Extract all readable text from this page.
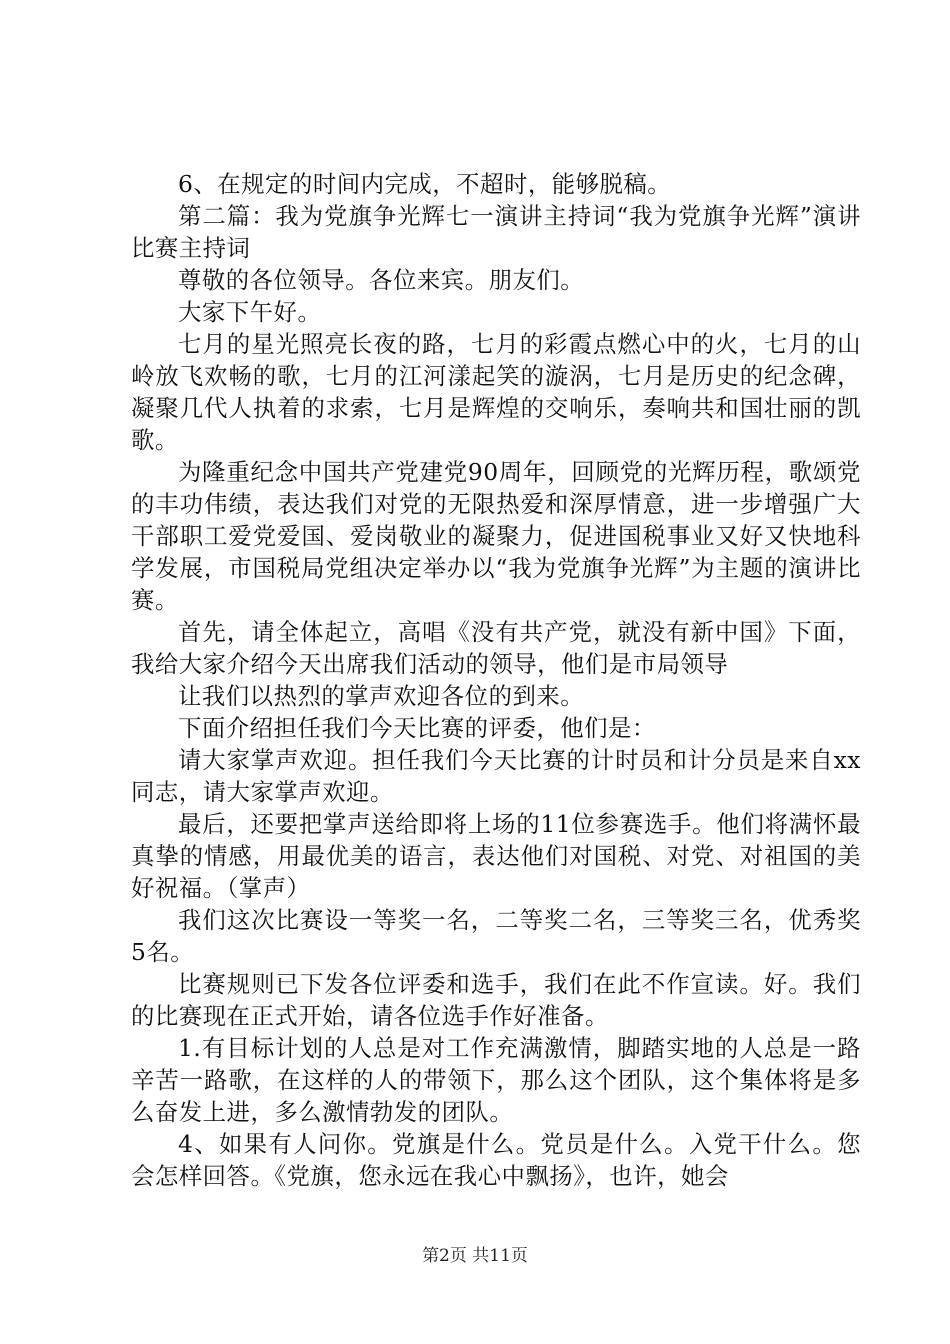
6、在规定的时间内完成，不超时，能够脱稿。

第二篇：我为党旗争光辉七一演讲主持词“我为党旗争光辉”演讲比赛主持词

尊敬的各位领导。各位来宾。朋友们。

大家下午好。

七月的星光照亮长夜的路，七月的彩霞点燃心中的火，七月的山岭放飞欢畅的歌，七月的江河漾起笑的漩涡，七月是历史的纪念碑，凝聚几代人执着的求索，七月是辉煌的交响乐，奏响共和国壮丽的凯歌。

为隆重纪念中国共产党建党90周年，回顾党的光辉历程，歌颂党的丰功伟绩，表达我们对党的无限热爱和深厚情意，进一步增强广大干部职工爱党爱国、爱岗敬业的凝聚力，促进国税事业又好又快地科学发展，市国税局党组决定举办以“我为党旗争光辉”为主题的演讲比赛。

首先，请全体起立，高唱《没有共产党，就没有新中国》下面，我给大家介绍今天出席我们活动的领导，他们是市局领导

让我们以热烈的掌声欢迎各位的到来。

下面介绍担任我们今天比赛的评委，他们是：

请大家掌声欢迎。担任我们今天比赛的计时员和计分员是来自xx同志，请大家掌声欢迎。

最后，还要把掌声送给即将上场的11位参赛选手。他们将满怀最真挚的情感，用最优美的语言，表达他们对国税、对党、对祖国的美好祝福。（掌声）

我们这次比赛设一等奖一名，二等奖二名，三等奖三名，优秀奖5名。

比赛规则已下发各位评委和选手，我们在此不作宣读。好。我们的比赛现在正式开始，请各位选手作好准备。

1.有目标计划的人总是对工作充满激情，脚踏实地的人总是一路辛苦一路歌，在这样的人的带领下，那么这个团队，这个集体将是多么奋发上进，多么激情勃发的团队。

4、如果有人问你。党旗是什么。党员是什么。入党干什么。您会怎样回答。《党旗，您永远在我心中飘扬》，也许，她会

第2页 共11页
